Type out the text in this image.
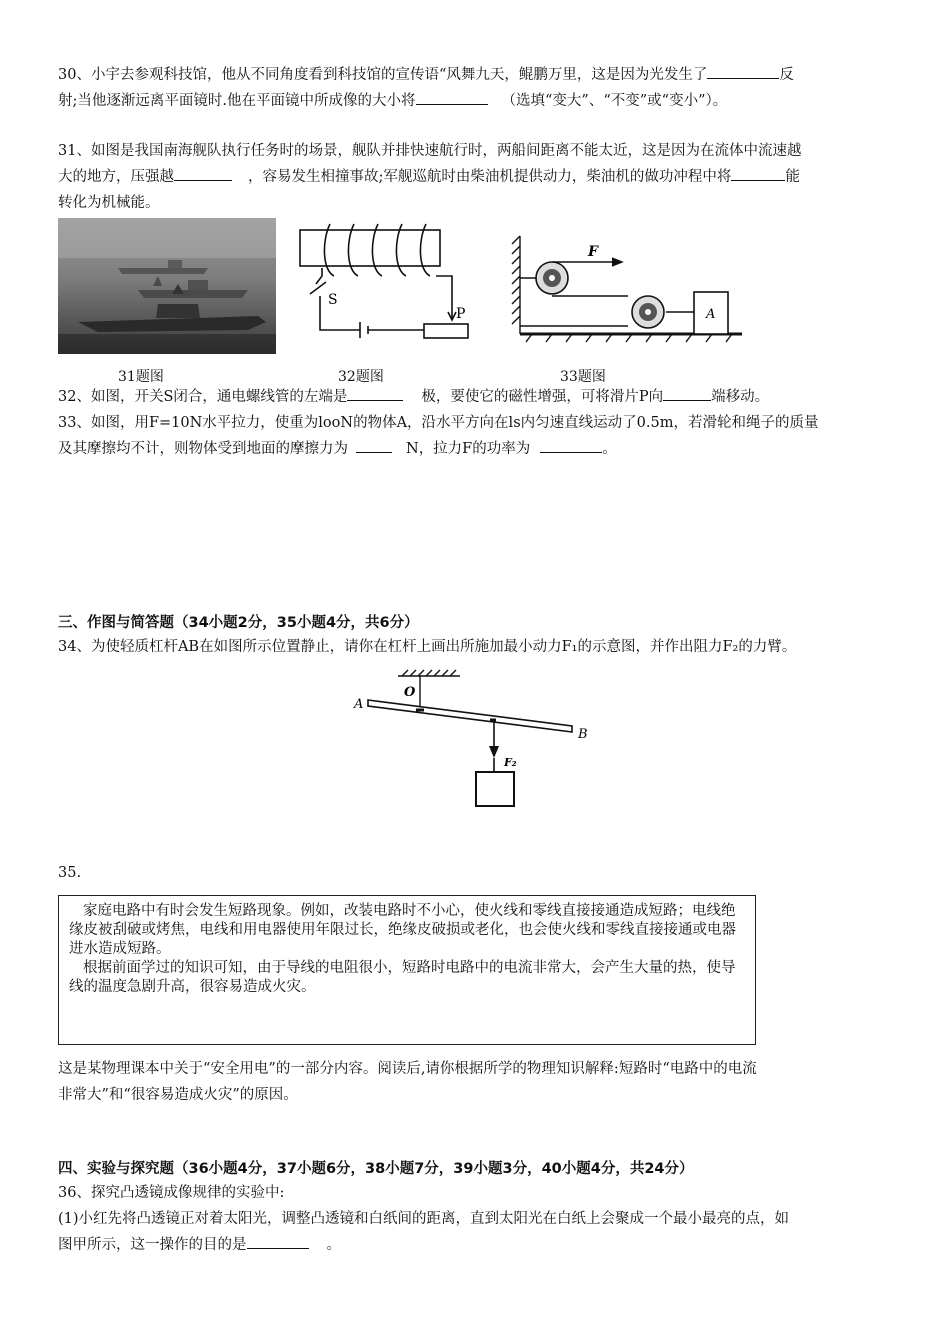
30、小宇去参观科技馆，他从不同角度看到科技馆的宣传语“风舞九天，鲲鹏万里，这是因为光发生了	反
射;当他逐渐远离平面镜时.他在平面镜中所成像的大小将	（选填“变大”、“不变”或“变小”）。
31、如图是我国南海舰队执行任务时的场景，舰队并排快速航行时，两船间距离不能太近，这是因为在流体中流速越
大的地方，压强越	，容易发生相撞事故;军舰巡航时由柴油机提供动力，柴油机的做功冲程中将	能
转化为机械能。
31题图
S
P
32题图
F
A
33题图
32、如图，开关S闭合，通电螺线管的左端是	极，要使它的磁性增强，可将滑片P向	端移动。
33、如图，用F=10N水平拉力，使重为looN的物体A，沿水平方向在ls内匀速直线运动了0.5m，若滑轮和绳子的质量
及其摩擦均不计，则物体受到地面的摩擦力为	N，拉力F的功率为	。
三、作图与简答题（34小题2分，35小题4分，共6分）
34、为使轻质杠杆AB在如图所示位置静止，请你在杠杆上画出所施加最小动力F₁的示意图，并作出阻力F₂的力臂。
O
A
B
F₂
35.

家庭电路中有时会发生短路现象。例如，改装电路时不小心，使火线和零线直接接通造成短路；电线绝缘皮被刮破或烤焦，电线和用电器使用年限过长，绝缘皮破损或老化，也会使火线和零线直接接通或电器进水造成短路。

根据前面学过的知识可知，由于导线的电阻很小，短路时电路中的电流非常大，会产生大量的热，使导线的温度急剧升高，很容易造成火灾。

这是某物理课本中关于“安全用电”的一部分内容。阅读后,请你根据所学的物理知识解释:短路时“电路中的电流
非常大”和“很容易造成火灾”的原因。
四、实验与探究题（36小题4分，37小题6分，38小题7分，39小题3分，40小题4分，共24分）
36、探究凸透镜成像规律的实验中:
(1)小红先将凸透镜正对着太阳光，调整凸透镜和白纸间的距离，直到太阳光在白纸上会聚成一个最小最亮的点，如
图甲所示，这一操作的目的是	。
